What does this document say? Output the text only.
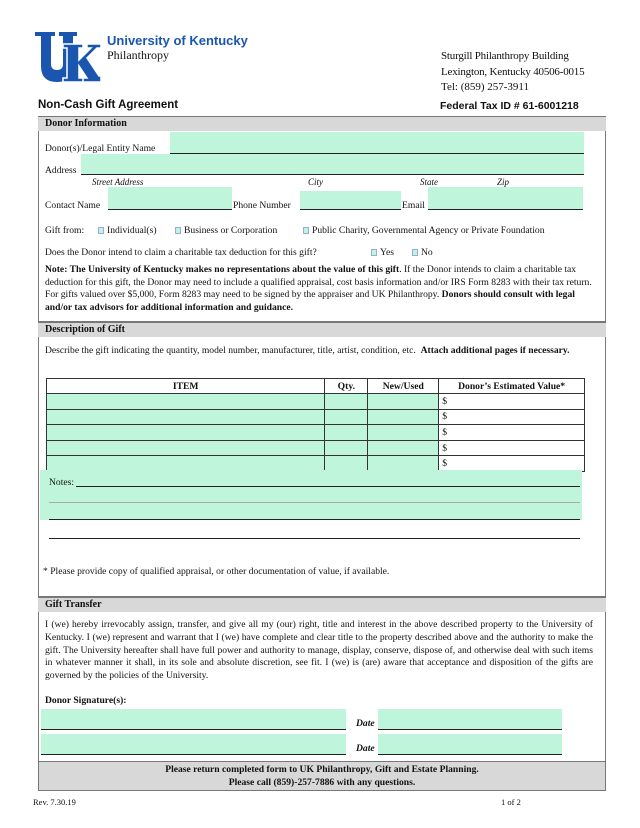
University of Kentucky
Philanthropy	Sturgill Philanthropy Building
Lexington, Kentucky 40506-0015
Tel: (859) 257-3911
Non-Cash Gift Agreement	Federal Tax ID # 61-6001218
Donor Information
Donor(s)/Legal Entity Name
Address
Street Address	City	State	Zip
Contact Name	Phone Number	Email
Gift from:	Individual(s)	Business or Corporation	Public Charity, Governmental Agency or Private Foundation
Does the Donor intend to claim a charitable tax deduction for this gift?	Yes	No
Note: The University of Kentucky makes no representations about the value of this gift. If the Donor intends to claim a charitable tax deduction for this gift, the Donor may need to include a qualified appraisal, cost basis information and/or IRS Form 8283 with their tax return. For gifts valued over $5,000, Form 8283 may need to be signed by the appraiser and UK Philanthropy. Donors should consult with legal and/or tax advisors for additional information and guidance.
Description of Gift
Describe the gift indicating the quantity, model number, manufacturer, title, artist, condition, etc. Attach additional pages if necessary.
ITEM	Qty.	New/Used	Donor’s Estimated Value*
			$
			$
			$
			$
			$
Notes:
* Please provide copy of qualified appraisal, or other documentation of value, if available.
Gift Transfer
I (we) hereby irrevocably assign, transfer, and give all my (our) right, title and interest in the above described property to the University of Kentucky. I (we) represent and warrant that I (we) have complete and clear title to the property described above and the authority to make the gift. The University hereafter shall have full power and authority to manage, display, conserve, dispose of, and otherwise deal with such items in whatever manner it shall, in its sole and absolute discretion, see fit. I (we) is (are) aware that acceptance and disposition of the gifts are governed by the policies of the University.
Donor Signature(s):
Date
Date
Please return completed form to UK Philanthropy, Gift and Estate Planning.
Please call (859)-257-7886 with any questions.
Rev. 7.30.19	1 of 2
